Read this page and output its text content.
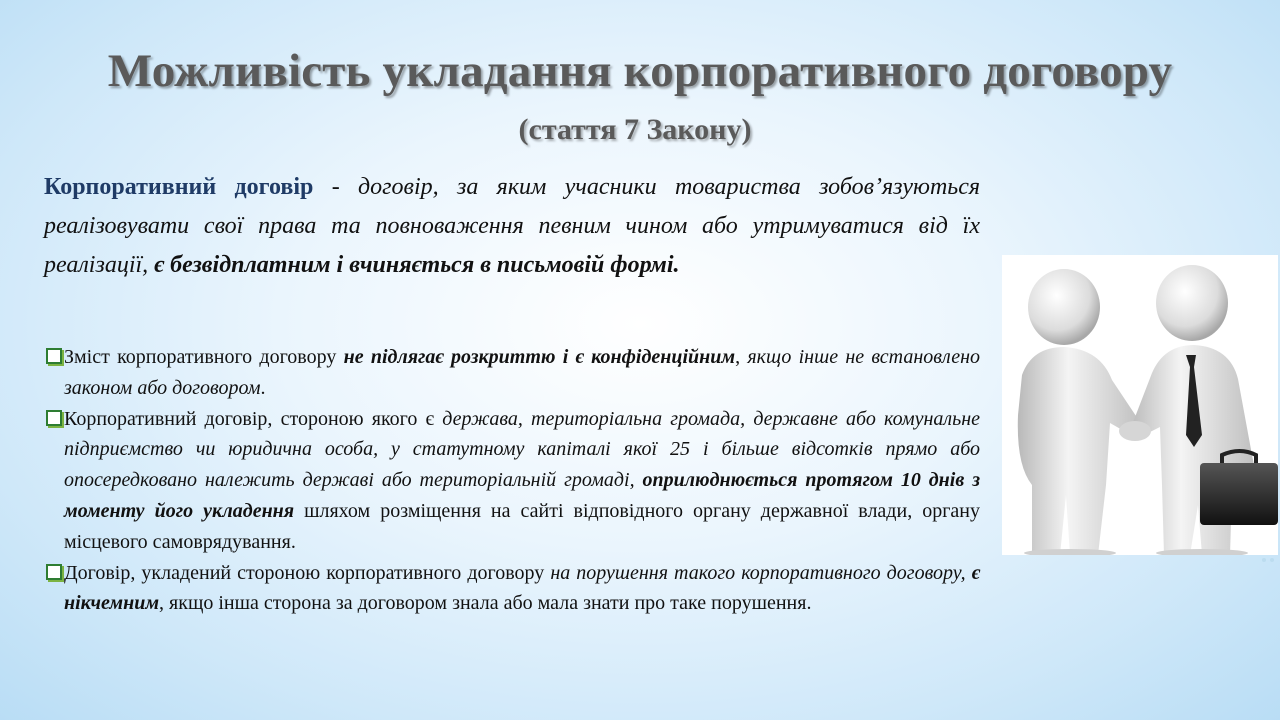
Можливість укладання корпоративного договору
(стаття 7 Закону)

Корпоративний договір - договір, за яким учасники товариства зобов’язуються реалізовувати свої права та повноваження певним чином або утримуватися від їх реалізації, є безвідплатним і вчиняється в письмовій формі.

Зміст корпоративного договору не підлягає розкриттю і є конфіденційним, якщо інше не встановлено законом або договором.
Корпоративний договір, стороною якого є держава, територіальна громада, державне або комунальне підприємство чи юридична особа, у статутному капіталі якої 25 і більше відсотків прямо або опосередковано належить державі або територіальній громаді, оприлюднюється протягом 10 днів з моменту його укладення шляхом розміщення на сайті відповідного органу державної влади, органу місцевого самоврядування.
Договір, укладений стороною корпоративного договору на порушення такого корпоративного договору, є нікчемним, якщо інша сторона за договором знала або мала знати про таке порушення.
